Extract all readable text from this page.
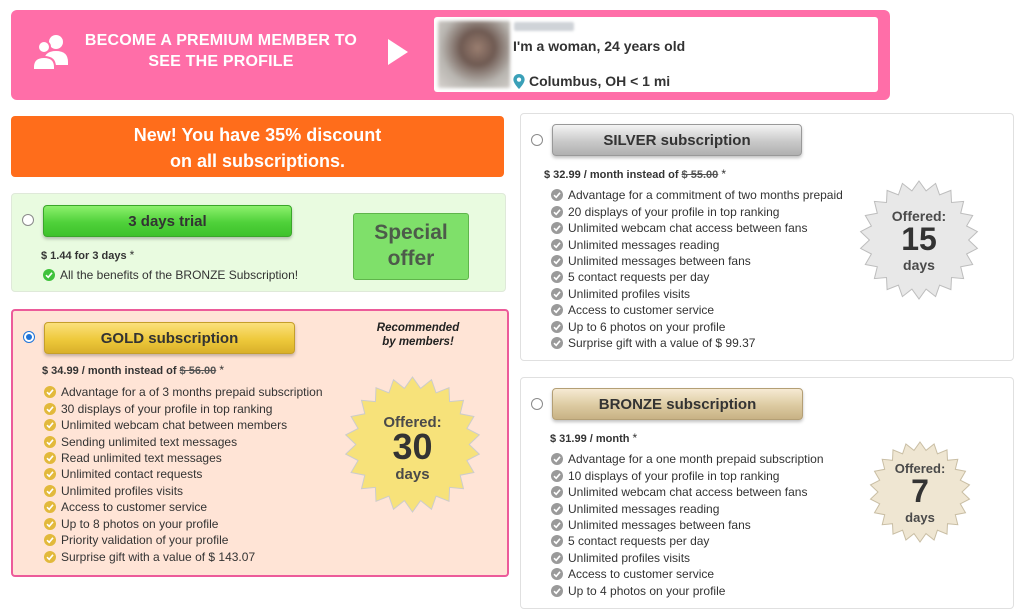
BECOME A PREMIUM MEMBER TO SEE THE PROFILE
I'm a woman, 24 years old
Columbus, OH < 1 mi
New! You have 35% discount
on all subscriptions.
3 days trial
$ 1.44 for 3 days *
All the benefits of the BRONZE Subscription!
Special
offer
GOLD subscription
Recommended
by members!
$ 34.99 / month instead of $ 56.00 *
Advantage for a of 3 months prepaid subscription
30 displays of your profile in top ranking
Unlimited webcam chat between members
Sending unlimited text messages
Read unlimited text messages
Unlimited contact requests
Unlimited profiles visits
Access to customer service
Up to 8 photos on your profile
Priority validation of your profile
Surprise gift with a value of $ 143.07
Offered:
30
days
SILVER subscription
$ 32.99 / month instead of $ 55.00 *
Advantage for a commitment of two months prepaid
20 displays of your profile in top ranking
Unlimited webcam chat access between fans
Unlimited messages reading
Unlimited messages between fans
5 contact requests per day
Unlimited profiles visits
Access to customer service
Up to 6 photos on your profile
Surprise gift with a value of $ 99.37
Offered:
15
days
BRONZE subscription
$ 31.99 / month *
Advantage for a one month prepaid subscription
10 displays of your profile in top ranking
Unlimited webcam chat access between fans
Unlimited messages reading
Unlimited messages between fans
5 contact requests per day
Unlimited profiles visits
Access to customer service
Up to 4 photos on your profile
Offered:
7
days
